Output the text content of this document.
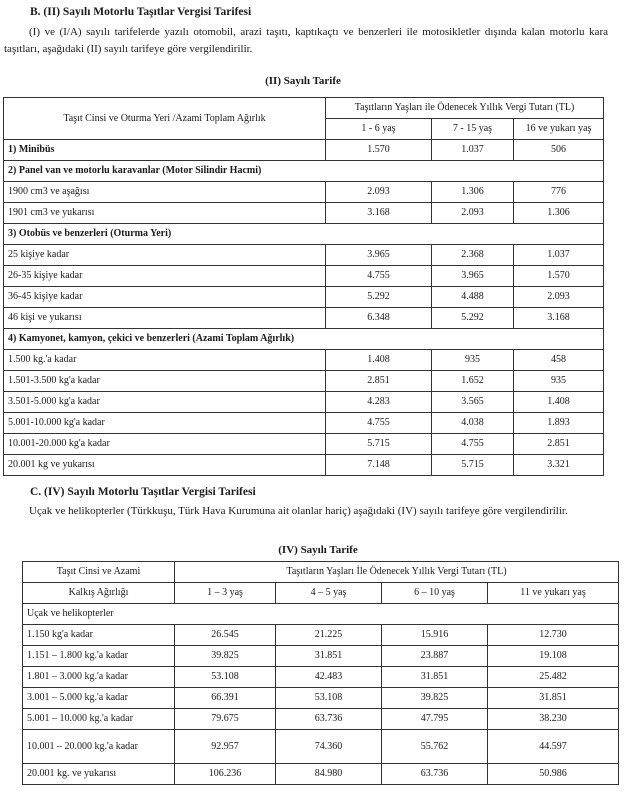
B. (II) Sayılı Motorlu Taşıtlar Vergisi Tarifesi

(I) ve (I/A) sayılı tarifelerde yazılı otomobil, arazi taşıtı, kaptıkaçtı ve benzerleri ile motosikletler dışında kalan motorlu kara taşıtları, aşağıdaki (II) sayılı tarifeye göre vergilendirilir.

(II) Sayılı Tarife
Taşıt Cinsi ve Oturma Yeri /Azami Toplam Ağırlık	Taşıtların Yaşları ile Ödenecek Yıllık Vergi Tutarı (TL)		
	1 - 6 yaş	7 - 15 yaş	16 ve yukarı yaş
1) Minibüs	1.570	1.037	506
2) Panel van ve motorlu karavanlar (Motor Silindir Hacmi)			
1900 cm3 ve aşağısı	2.093	1.306	776
1901 cm3 ve yukarısı	3.168	2.093	1.306
3) Otobüs ve benzerleri (Oturma Yeri)			
25 kişiye kadar	3.965	2.368	1.037
26-35 kişiye kadar	4.755	3.965	1.570
36-45 kişiye kadar	5.292	4.488	2.093
46 kişi ve yukarısı	6.348	5.292	3.168
4) Kamyonet, kamyon, çekici ve benzerleri (Azami Toplam Ağırlık)			
1.500 kg.'a kadar	1.408	935	458
1.501-3.500 kg'a kadar	2.851	1.652	935
3.501-5.000 kg'a kadar	4.283	3.565	1.408
5.001-10.000 kg'a kadar	4.755	4.038	1.893
10.001-20.000 kg'a kadar	5.715	4.755	2.851
20.001 kg ve yukarısı	7.148	5.715	3.321
C. (IV) Sayılı Motorlu Taşıtlar Vergisi Tarifesi

Uçak ve helikopterler (Türkkuşu, Türk Hava Kurumuna ait olanlar hariç) aşağıdaki (IV) sayılı tarifeye göre vergilendirilir.

(IV) Sayılı Tarife
Taşıt Cinsi ve Azami	Taşıtların Yaşları İle Ödenecek Yıllık Vergi Tutarı (TL)			
Kalkış Ağırlığı	1 – 3 yaş	4 – 5 yaş	6 – 10 yaş	11 ve yukarı yaş
Uçak ve helikopterler				
1.150 kg'a kadar	26.545	21.225	15.916	12.730
1.151 – 1.800 kg.'a kadar	39.825	31.851	23.887	19.108
1.801 – 3.000 kg.'a kadar	53.108	42.483	31.851	25.482
3.001 – 5.000 kg.'a kadar	66.391	53.108	39.825	31.851
5.001 – 10.000 kg.'a kadar	79.675	63.736	47.795	38.230
10.001 – 20.000 kg.'a kadar	92.957	74.360	55.762	44.597
20.001 kg. ve yukarısı	106.236	84.980	63.736	50.986
